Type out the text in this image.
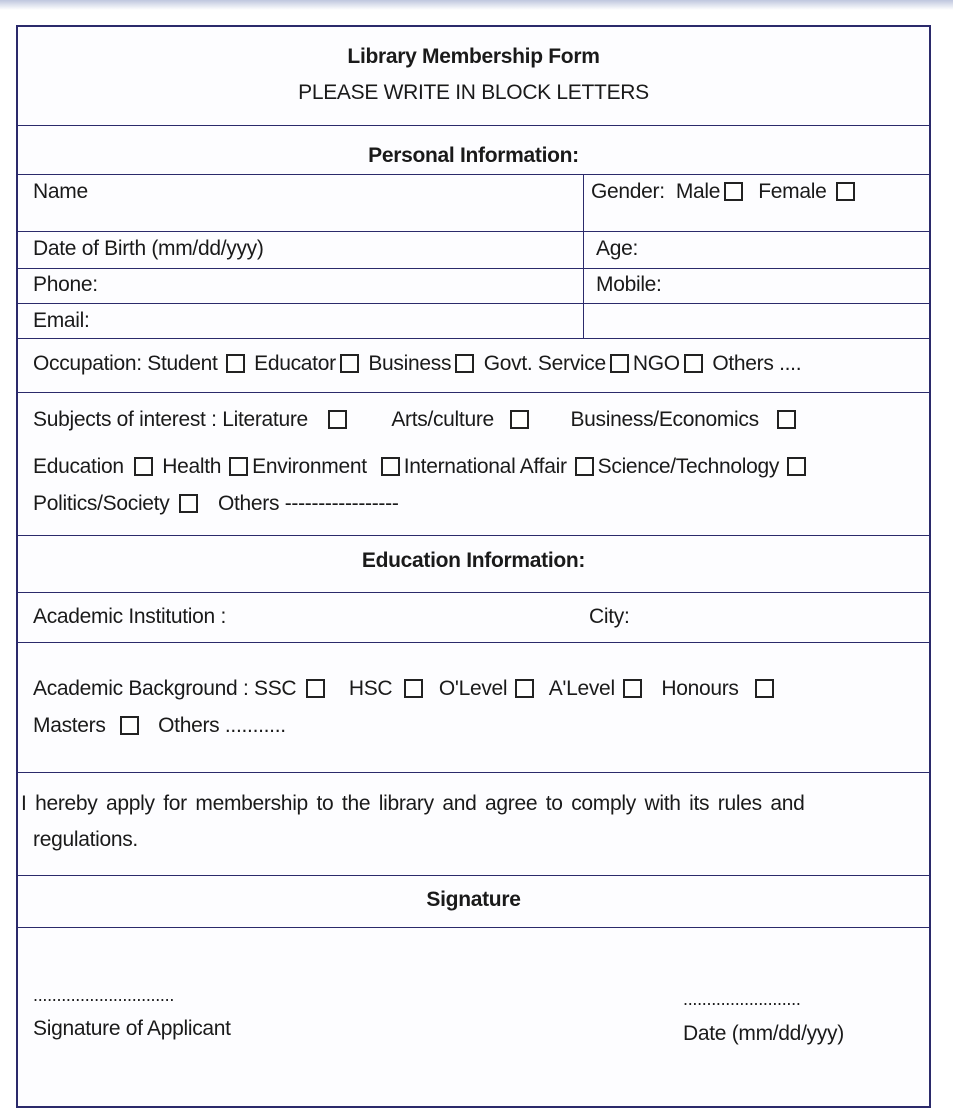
Library Membership Form
PLEASE WRITE IN BLOCK LETTERS
Personal Information:
Name	Gender: Male Female
Date of Birth (mm/dd/yyy)	Age:
Phone:	Mobile:
Email:
Occupation: Student Educator Business Govt. Service NGO Others ....
Subjects of interest : Literature	Arts/culture	Business/Economics
Education Health Environment International Affair Science/Technology
Politics/Society Others -----------------
Education Information:
Academic Institution :	City:
Academic Background : SSC	HSC O'Level A'Level Honours
Masters	Others ...........
I hereby apply for membership to the library and agree to comply with its rules and
regulations.
Signature
..............................
Signature of Applicant
.........................
Date (mm/dd/yyy)
